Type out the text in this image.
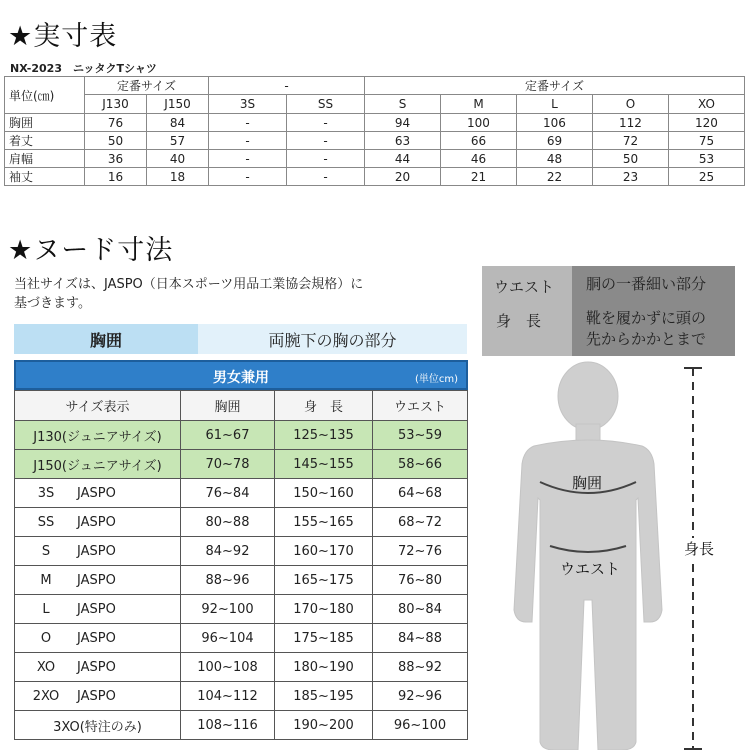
★実寸表
NX-2023　ニッタクTシャツ
単位(㎝)	定番サイズ		-		定番サイズ				
	J130	J150	3S	SS	S	M	L	O	XO
胸囲	76	84	-	-	94	100	106	112	120
着丈	50	57	-	-	63	66	69	72	75
肩幅	36	40	-	-	44	46	48	50	53
袖丈	16	18	-	-	20	21	22	23	25
★ヌード寸法
当社サイズは、JASPO（日本スポーツ用品工業協会規格）に
基づきます。
胸囲	両腕下の胸の部分
男女兼用	(単位cm)
サイズ表示	胸囲	身　長	ウエスト
J130(ジュニアサイズ)	61~67	125~135	53~59
J150(ジュニアサイズ)	70~78	145~155	58~66
3S JASPO	76~84	150~160	64~68
SS JASPO	80~88	155~165	68~72
S JASPO	84~92	160~170	72~76
M JASPO	88~96	165~175	76~80
L JASPO	92~100	170~180	80~84
O JASPO	96~104	175~185	84~88
XO JASPO	100~108	180~190	88~92
2XO JASPO	104~112	185~195	92~96
3XO(特注のみ)	108~116	190~200	96~100
ウエスト 胴の一番細い部分
身　長	靴を履かずに頭の
先からかかとまで
胸囲
ウエスト
身長
